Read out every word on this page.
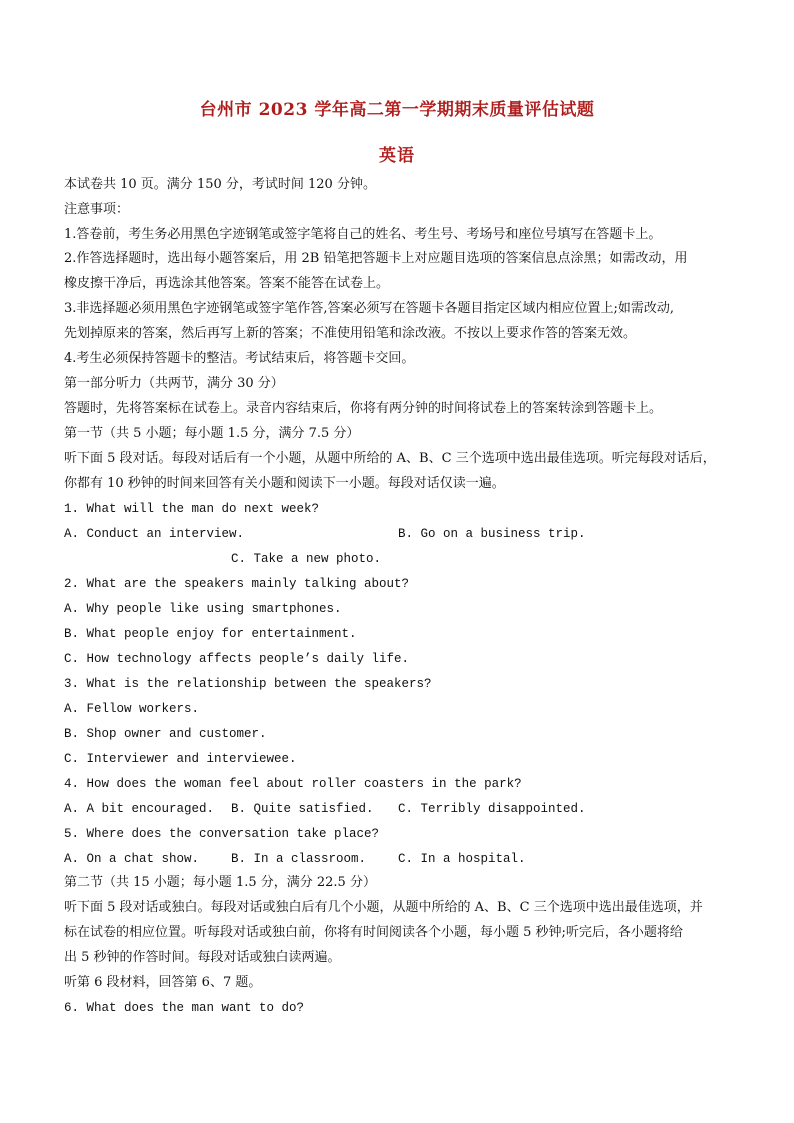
台州市 2023 学年高二第一学期期末质量评估试题
英语
本试卷共 10 页。满分 150 分，考试时间 120 分钟。
注意事项：
1.答卷前，考生务必用黑色字迹钢笔或签字笔将自己的姓名、考生号、考场号和座位号填写在答题卡上。
2.作答选择题时，选出每小题答案后，用 2B 铅笔把答题卡上对应题目选项的答案信息点涂黑；如需改动，用
橡皮擦干净后，再选涂其他答案。答案不能答在试卷上。
3.非选择题必须用黑色字迹钢笔或签字笔作答,答案必须写在答题卡各题目指定区域内相应位置上;如需改动,
先划掉原来的答案，然后再写上新的答案；不准使用铅笔和涂改液。不按以上要求作答的答案无效。
4.考生必须保持答题卡的整洁。考试结束后，将答题卡交回。
第一部分听力（共两节，满分 30 分）
答题时，先将答案标在试卷上。录音内容结束后，你将有两分钟的时间将试卷上的答案转涂到答题卡上。
第一节（共 5 小题；每小题 1.5 分，满分 7.5 分）
听下面 5 段对话。每段对话后有一个小题，从题中所给的 A、B、C 三个选项中选出最佳选项。听完每段对话后，
你都有 10 秒钟的时间来回答有关小题和阅读下一小题。每段对话仅读一遍。
1. What will the man do next week?
A. Conduct an interview.	B. Go on a business trip.
C. Take a new photo.
2. What are the speakers mainly talking about?
A. Why people like using smartphones.
B. What people enjoy for entertainment.
C. How technology affects people’s daily life.
3. What is the relationship between the speakers?
A. Fellow workers.
B. Shop owner and customer.
C. Interviewer and interviewee.
4. How does the woman feel about roller coasters in the park?
A. A bit encouraged. B. Quite satisfied. C. Terribly disappointed.
5. Where does the conversation take place?
A. On a chat show.	B. In a classroom.	C. In a hospital.
第二节（共 15 小题；每小题 1.5 分，满分 22.5 分）
听下面 5 段对话或独白。每段对话或独白后有几个小题，从题中所给的 A、B、C 三个选项中选出最佳选项，并
标在试卷的相应位置。听每段对话或独白前，你将有时间阅读各个小题，每小题 5 秒钟;听完后，各小题将给
出 5 秒钟的作答时间。每段对话或独白读两遍。
听第 6 段材料，回答第 6、7 题。
6. What does the man want to do?
